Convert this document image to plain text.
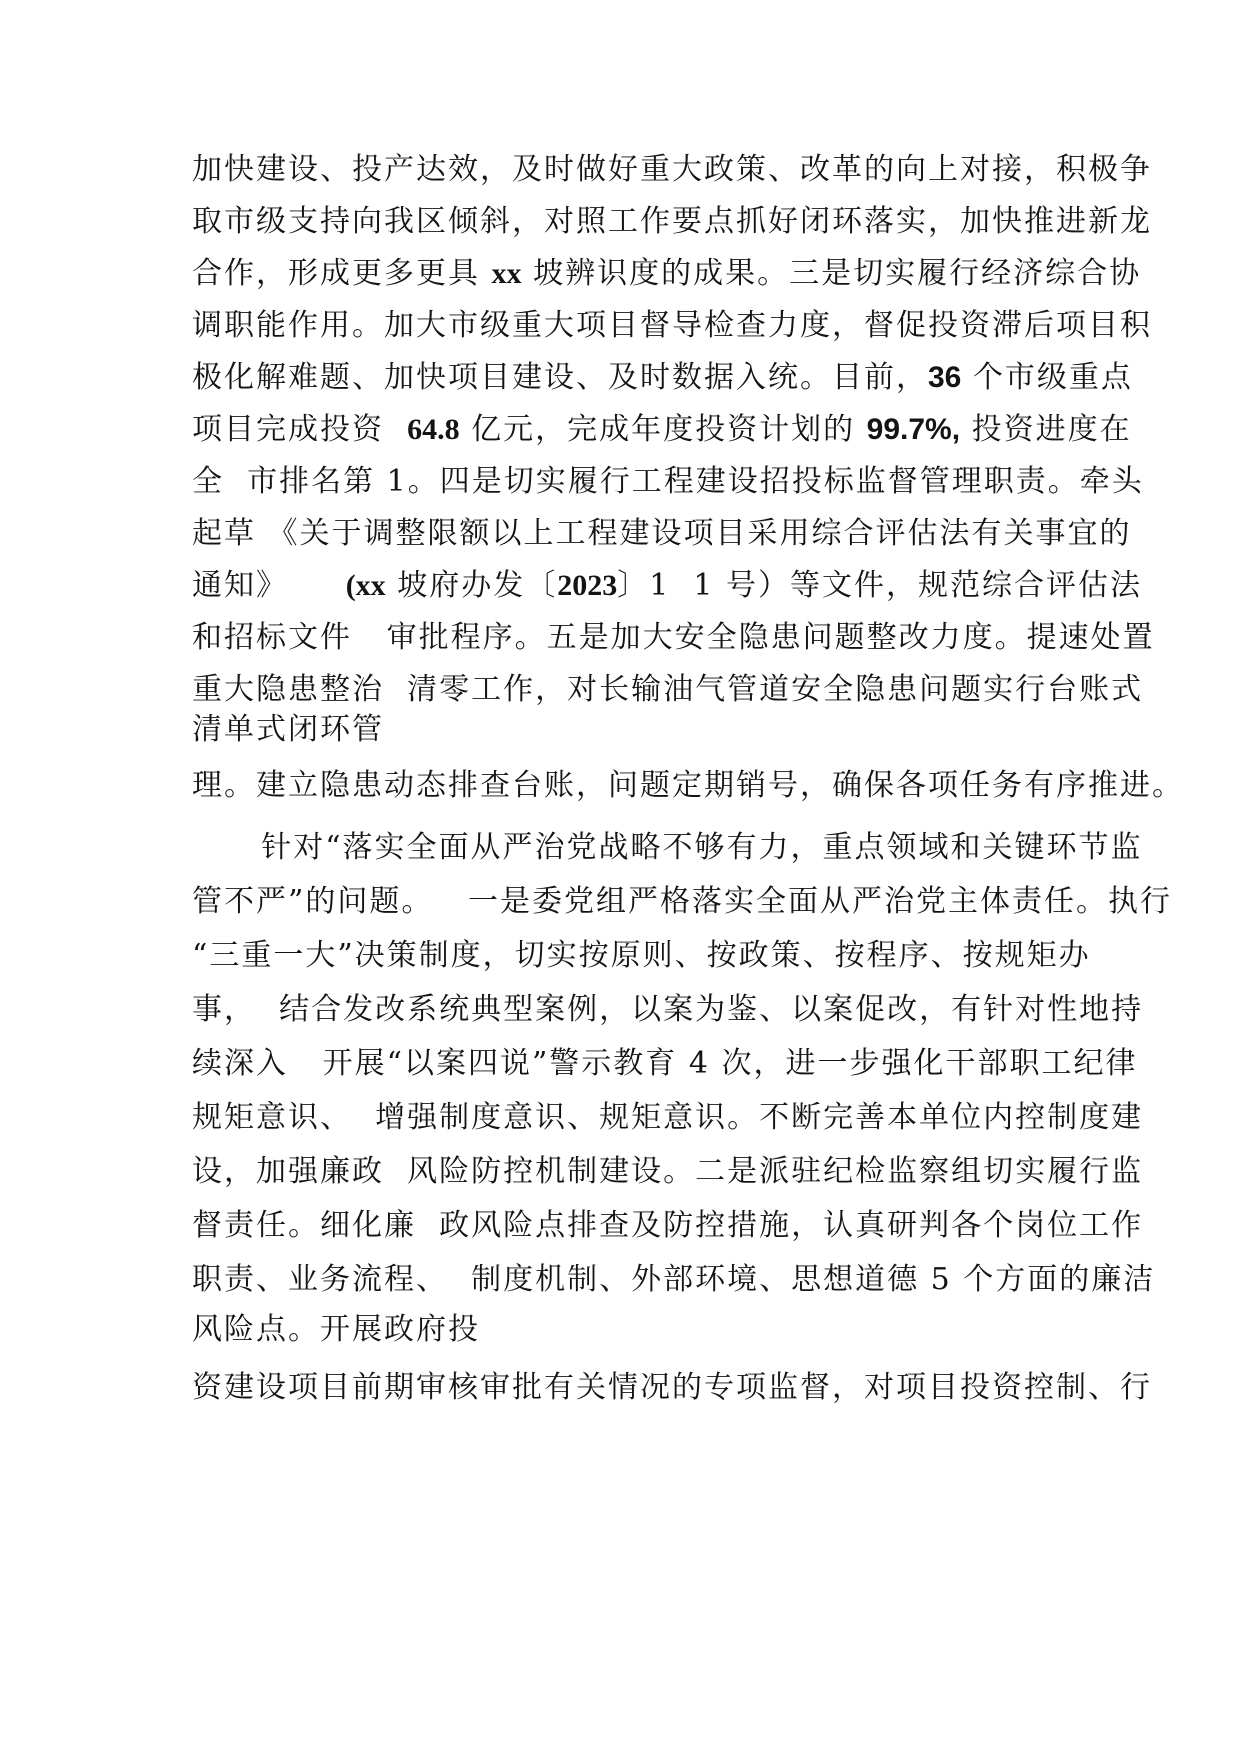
加快建设、投产达效，及时做好重大政策、改革的向上对接，积极争

取市级支持向我区倾斜，对照工作要点抓好闭环落实，加快推进新龙

合作，形成更多更具 xx 坡辨识度的成果。三是切实履行经济综合协

调职能作用。加大市级重大项目督导检查力度，督促投资滞后项目积

极化解难题、加快项目建设、及时数据入统。目前，36 个市级重点

项目完成投资  64.8 亿元，完成年度投资计划的 99.7%, 投资进度在

全  市排名第 1。四是切实履行工程建设招投标监督管理职责。牵头

起草 《关于调整限额以上工程建设项目采用综合评估法有关事宜的

通知》     (xx 坡府办发〔2023〕1  1 号）等文件，规范综合评估法

和招标文件   审批程序。五是加大安全隐患问题整改力度。提速处置

重大隐患整治  清零工作，对长输油气管道安全隐患问题实行台账式

清单式闭环管

理。建立隐患动态排查台账，问题定期销号，确保各项任务有序推进。

针对“落实全面从严治党战略不够有力，重点领域和关键环节监

管不严”的问题。   一是委党组严格落实全面从严治党主体责任。执行

“三重一大”决策制度，切实按原则、按政策、按程序、按规矩办

事，  结合发改系统典型案例，以案为鉴、以案促改，有针对性地持

续深入   开展“以案四说”警示教育 4 次，进一步强化干部职工纪律

规矩意识、  增强制度意识、规矩意识。不断完善本单位内控制度建

设，加强廉政  风险防控机制建设。二是派驻纪检监察组切实履行监

督责任。细化廉  政风险点排查及防控措施，认真研判各个岗位工作

职责、业务流程、  制度机制、外部环境、思想道德 5 个方面的廉洁

风险点。开展政府投

资建设项目前期审核审批有关情况的专项监督，对项目投资控制、行
